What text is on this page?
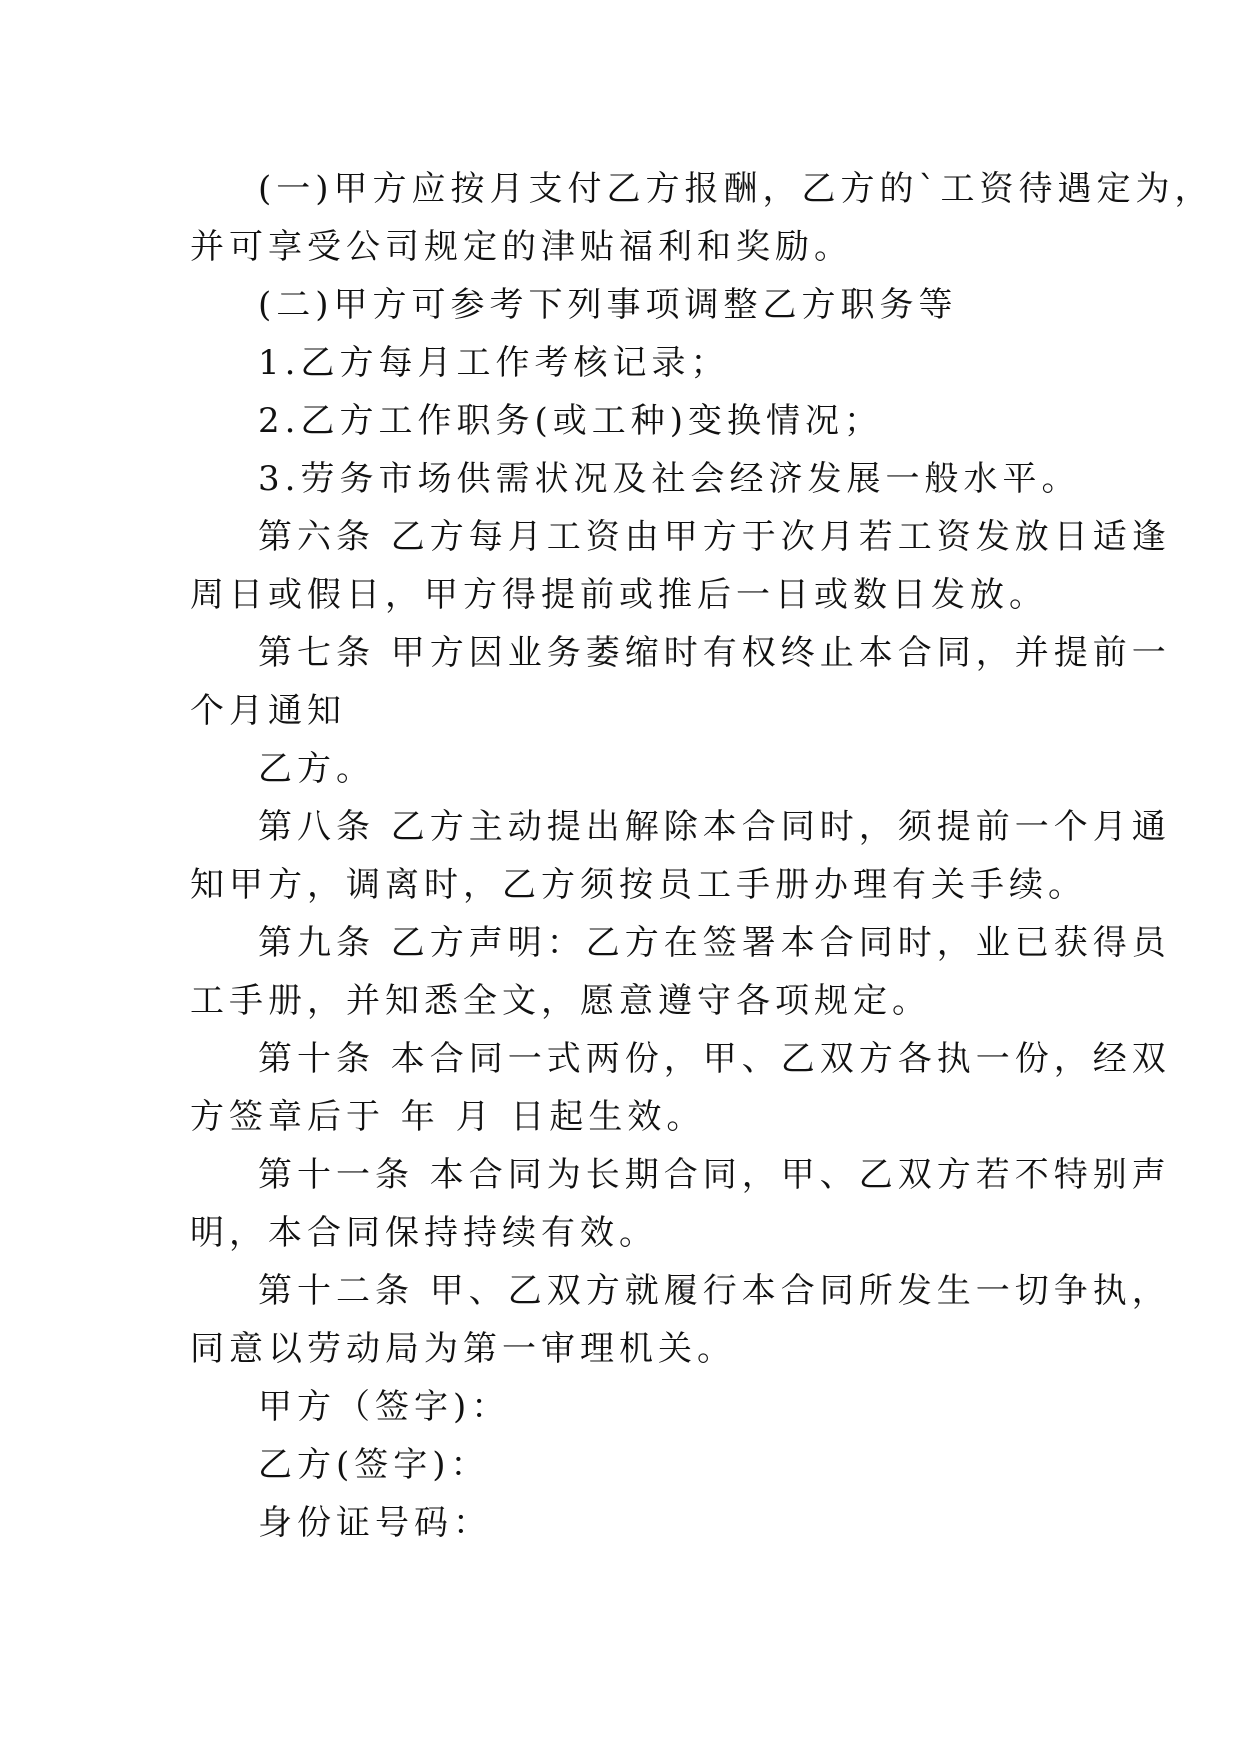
(一)甲方应按月支付乙方报酬，乙方的`工资待遇定为，
并可享受公司规定的津贴福利和奖励。

(二)甲方可参考下列事项调整乙方职务等

1.乙方每月工作考核记录；

2.乙方工作职务(或工种)变换情况；

3.劳务市场供需状况及社会经济发展一般水平。

第六条 乙方每月工资由甲方于次月若工资发放日适逢
周日或假日，甲方得提前或推后一日或数日发放。

第七条 甲方因业务萎缩时有权终止本合同，并提前一
个月通知

乙方。

第八条 乙方主动提出解除本合同时，须提前一个月通
知甲方，调离时，乙方须按员工手册办理有关手续。

第九条 乙方声明：乙方在签署本合同时，业已获得员
工手册，并知悉全文，愿意遵守各项规定。

第十条 本合同一式两份，甲、乙双方各执一份，经双
方签章后于 年 月 日起生效。

第十一条 本合同为长期合同，甲、乙双方若不特别声
明，本合同保持持续有效。

第十二条 甲、乙双方就履行本合同所发生一切争执，
同意以劳动局为第一审理机关。

甲方（签字)：

乙方(签字)：

身份证号码：
